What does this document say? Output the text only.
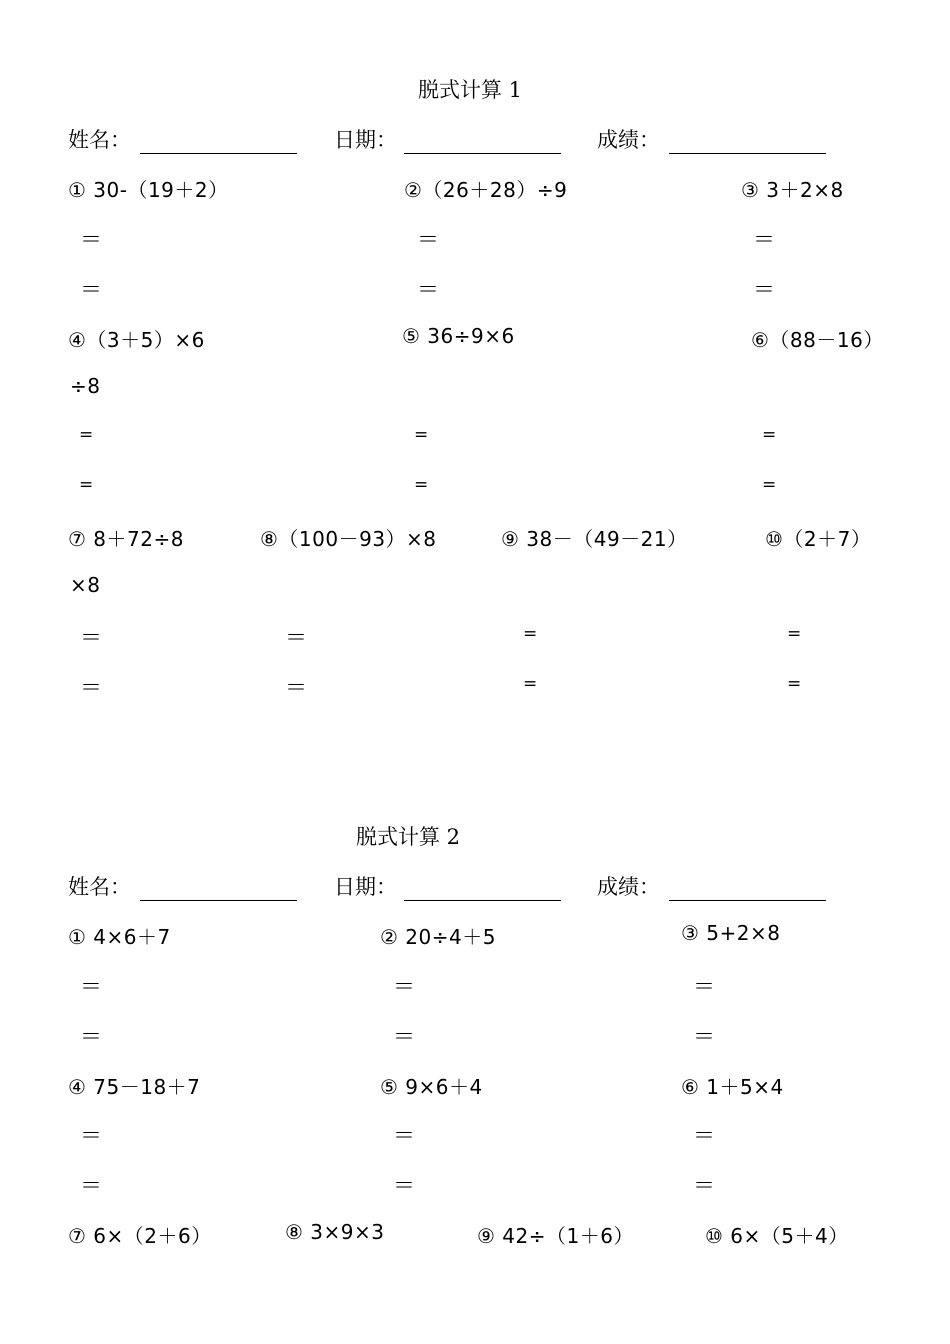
脱式计算 1
姓名：	日期：	成绩：
① 30-（19＋2）	②（26＋28）÷9	③ 3＋2×8
＝	＝	＝
＝	＝	＝
④（3＋5）×6	⑤ 36÷9×6	⑥（88－16）
÷8
=	=	=
=	=	=
⑦ 8＋72÷8	⑧（100－93）×8	⑨ 38－（49－21）	⑩（2＋7）
×8
＝	＝	=	=
＝	＝	=	=
脱式计算 2
姓名：	日期：	成绩：
① 4×6＋7	② 20÷4＋5	③ 5+2×8
＝	＝	＝
＝	＝	＝
④ 75－18＋7	⑤ 9×6＋4	⑥ 1＋5×4
＝	＝	＝
＝	＝	＝
⑦ 6×（2＋6）	⑧ 3×9×3	⑨ 42÷（1＋6）	⑩ 6×（5＋4）
